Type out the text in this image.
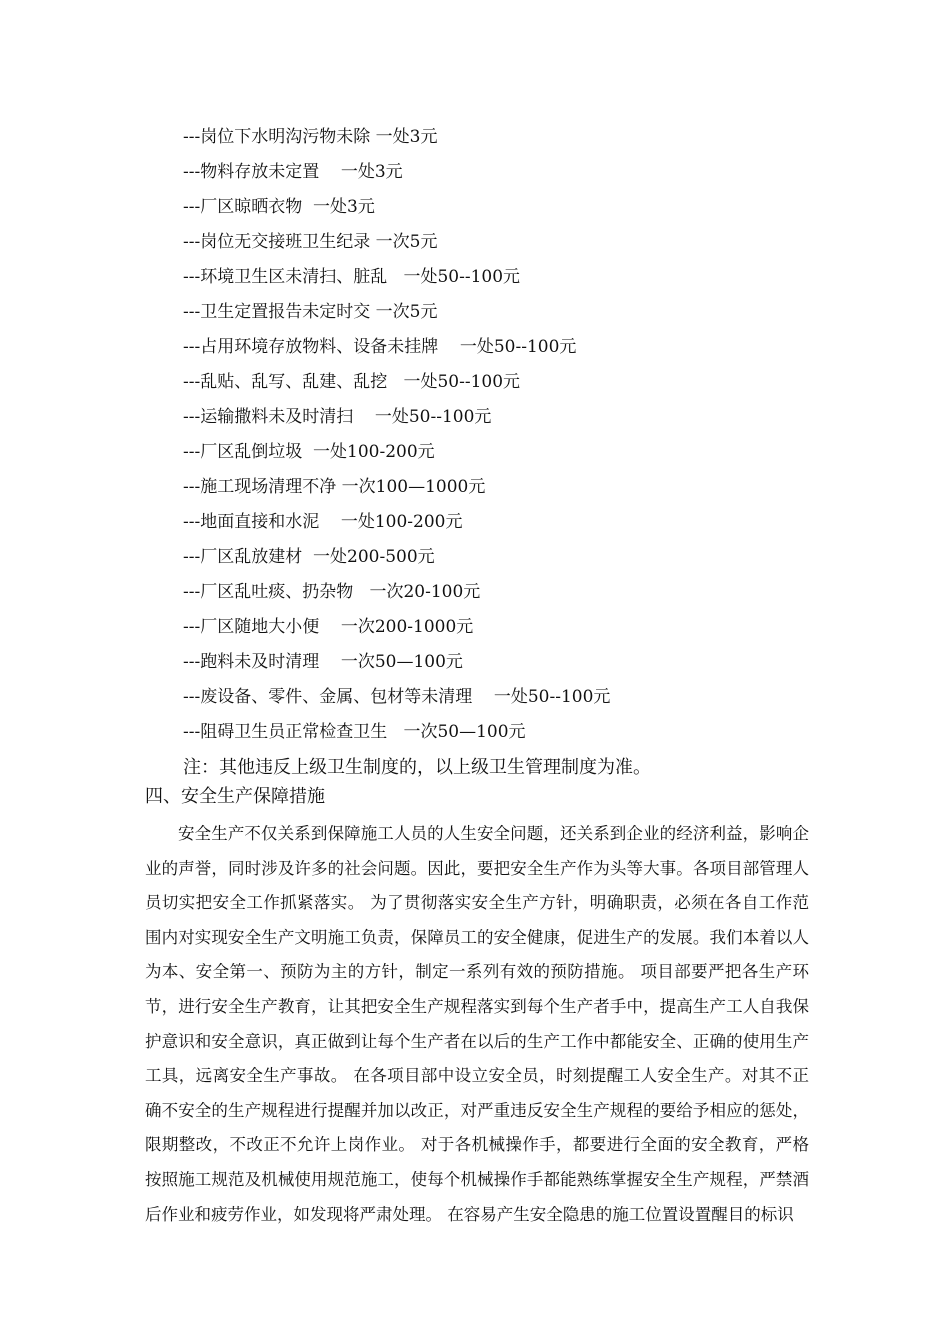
---岗位下水明沟污物未除 一处3元
---物料存放未定置    一处3元
---厂区晾晒衣物  一处3元
---岗位无交接班卫生纪录 一次5元
---环境卫生区未清扫、脏乱   一处50--100元
---卫生定置报告未定时交 一次5元
---占用环境存放物料、设备未挂牌    一处50--100元
---乱贴、乱写、乱建、乱挖   一处50--100元
---运输撒料未及时清扫    一处50--100元
---厂区乱倒垃圾  一处100-200元
---施工现场清理不净 一次100—1000元
---地面直接和水泥    一处100-200元
---厂区乱放建材  一处200-500元
---厂区乱吐痰、扔杂物   一次20-100元
---厂区随地大小便    一次200-1000元
---跑料未及时清理    一次50—100元
---废设备、零件、金属、包材等未清理    一处50--100元
---阻碍卫生员正常检查卫生   一次50—100元
注：其他违反上级卫生制度的，以上级卫生管理制度为准。
四、安全生产保障措施

安全生产不仅关系到保障施工人员的人生安全问题，还关系到企业的经济利益，影响企业的声誉，同时涉及许多的社会问题。因此，要把安全生产作为头等大事。各项目部管理人员切实把安全工作抓紧落实。 为了贯彻落实安全生产方针，明确职责，必须在各自工作范围内对实现安全生产文明施工负责，保障员工的安全健康，促进生产的发展。我们本着以人为本、安全第一、预防为主的方针，制定一系列有效的预防措施。 项目部要严把各生产环节，进行安全生产教育，让其把安全生产规程落实到每个生产者手中，提高生产工人自我保护意识和安全意识，真正做到让每个生产者在以后的生产工作中都能安全、正确的使用生产工具，远离安全生产事故。 在各项目部中设立安全员，时刻提醒工人安全生产。对其不正确不安全的生产规程进行提醒并加以改正，对严重违反安全生产规程的要给予相应的惩处，限期整改，不改正不允许上岗作业。 对于各机械操作手，都要进行全面的安全教育，严格按照施工规范及机械使用规范施工，使每个机械操作手都能熟练掌握安全生产规程，严禁酒后作业和疲劳作业，如发现将严肃处理。 在容易产生安全隐患的施工位置设置醒目的标识
